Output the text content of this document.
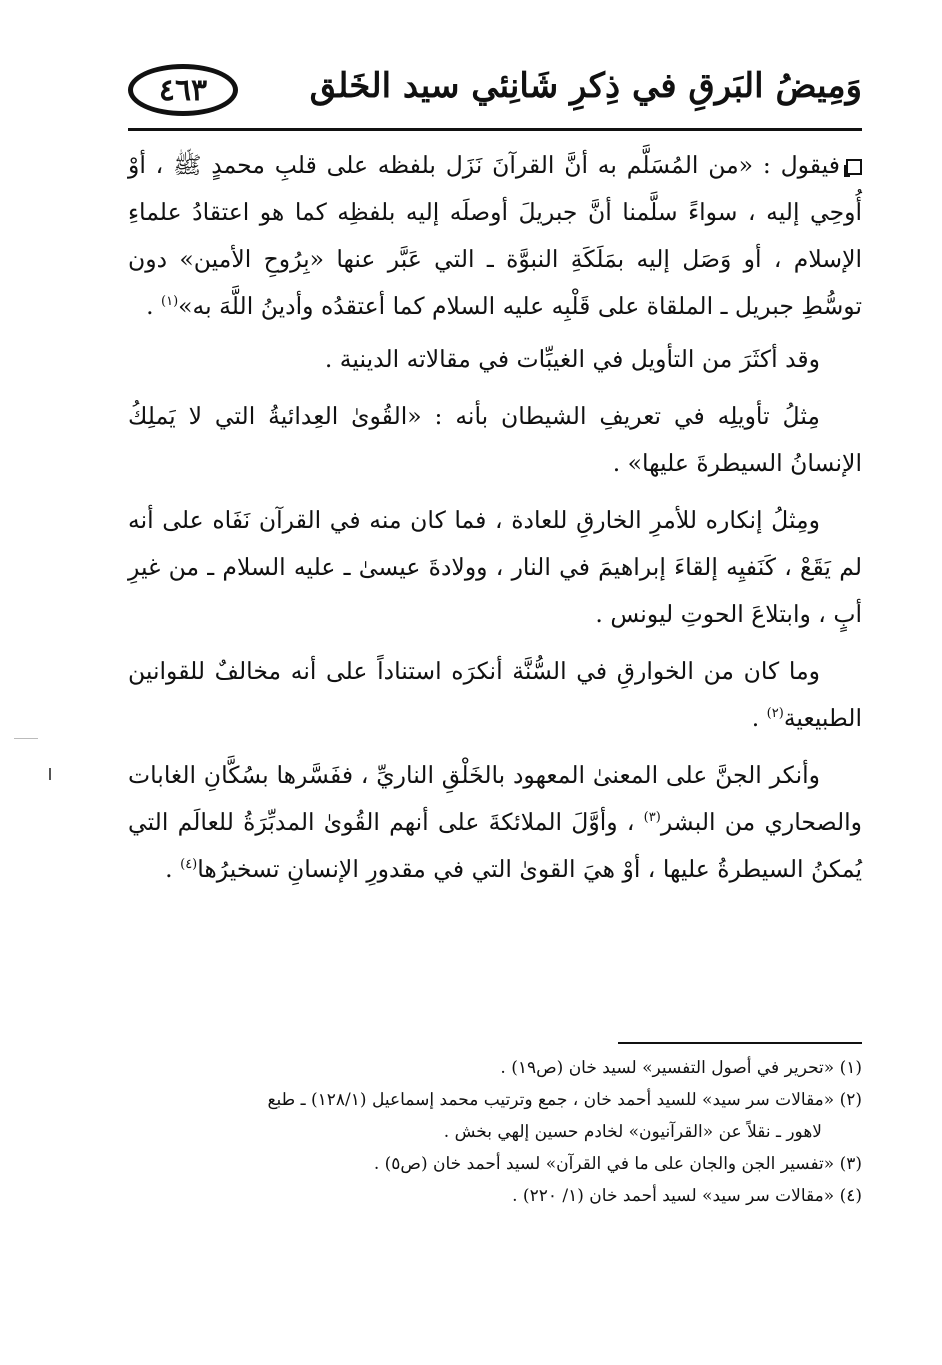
٤٦٣	وَمِيضُ البَرقِ في ذِكرِ شَانِئي سيد الخَلق

فيقول : «من المُسَلَّم به أنَّ القرآنَ نَزَل بلفظه على قلبِ محمدٍ ﷺ ، أوْ أُوحِي إليه ، سواءً سلَّمنا أنَّ جبريلَ أوصلَه إليه بلفظِه كما هو اعتقادُ علماءِ الإسلام ، أو وَصَل إليه بمَلَكَةِ النبوَّة ـ التي عَبَّر عنها «بِرُوحِ الأمين» دون توسُّطِ جبريل ـ الملقاة على قَلْبِه عليه السلام كما أعتقدُه وأدينُ اللَّهَ به»$^{(١)}$ .

وقد أكثَرَ من التأويل في الغيبِّات في مقالاته الدينية .

مِثلُ تأويلِه في تعريفِ الشيطان بأنه : «القُوىٰ العِدائيةُ التي لا يَملِكُ الإنسانُ السيطرةَ عليها» .

ومِثلُ إنكاره للأمرِ الخارقِ للعادة ، فما كان منه في القرآن نَفَاه على أنه لم يَقَعْ ، كَنَفيِه إلقاءَ إبراهيمَ في النار ، وولادةَ عيسىٰ ـ عليه السلام ـ من غيرِ أبٍ ، وابتلاعَ الحوتِ ليونس .

وما كان من الخوارقِ في السُّنَّة أنكرَه استناداً على أنه مخالفٌ للقوانين الطبيعية$^{(٢)}$ .

وأنكر الجنَّ على المعنىٰ المعهود بالخَلْقِ الناريِّ ، ففَسَّرها بسُكَّانِ الغابات والصحاري من البشر$^{(٣)}$ ، وأوَّلَ الملائكةَ على أنهم القُوىٰ المدبِّرَةُ للعالَم التي يُمكنُ السيطرةُ عليها ، أوْ هيَ القوىٰ التي في مقدورِ الإنسانِ تسخيرُها$^{(٤)}$ .

(١) «تحرير في أصول التفسير» لسيد خان (ص١٩) .
(٢) «مقالات سر سيد» للسيد أحمد خان ، جمع وترتيب محمد إسماعيل (١٢٨/١) ـ طبع
لاهور ـ نقلاً عن «القرآنيون» لخادم حسين إلهي بخش .
(٣) «تفسير الجن والجان على ما في القرآن» لسيد أحمد خان (ص٥) .
(٤) «مقالات سر سيد» لسيد أحمد خان (١/ ٢٢٠) .
